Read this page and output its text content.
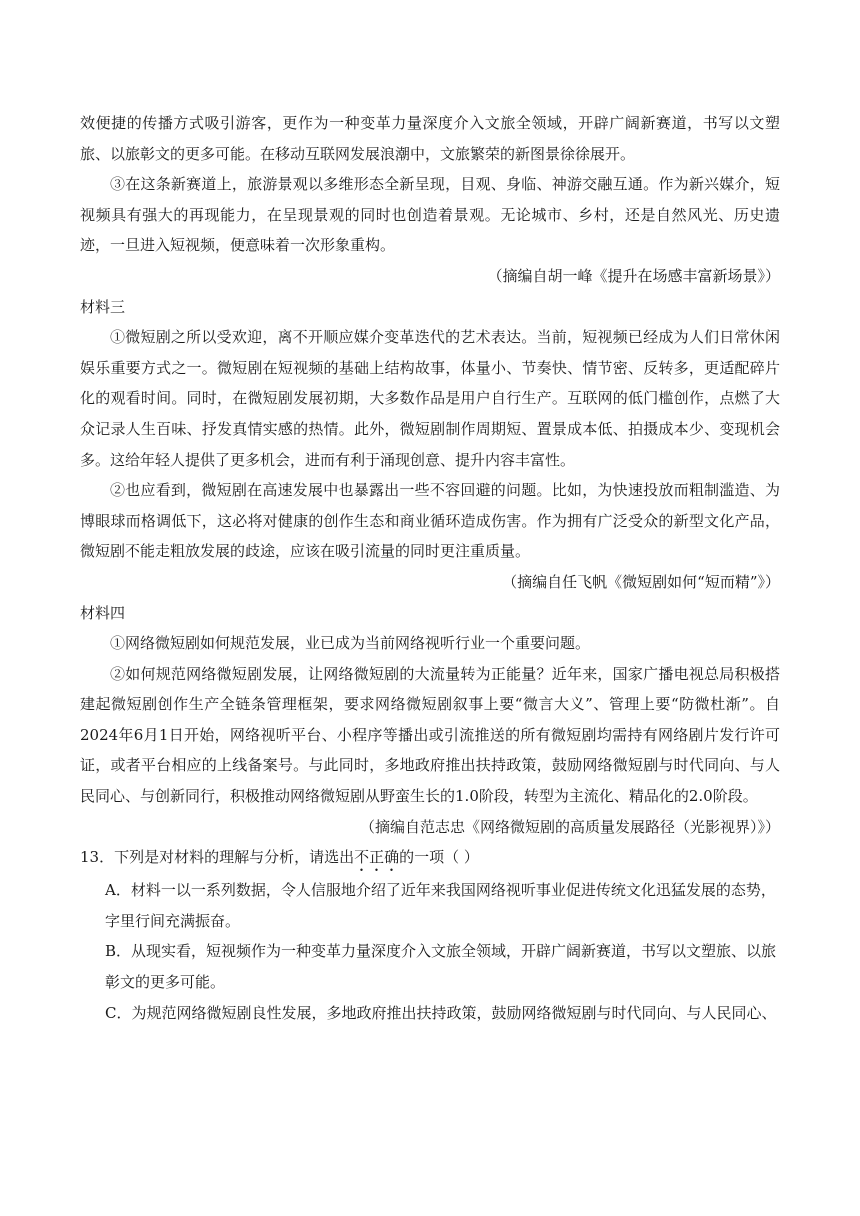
效便捷的传播方式吸引游客，更作为一种变革力量深度介入文旅全领域，开辟广阔新赛道，书写以文塑旅、以旅彰文的更多可能。在移动互联网发展浪潮中，文旅繁荣的新图景徐徐展开。

③在这条新赛道上，旅游景观以多维形态全新呈现，目观、身临、神游交融互通。作为新兴媒介，短视频具有强大的再现能力，在呈现景观的同时也创造着景观。无论城市、乡村，还是自然风光、历史遗迹，一旦进入短视频，便意味着一次形象重构。

（摘编自胡一峰《提升在场感丰富新场景》）

材料三

①微短剧之所以受欢迎，离不开顺应媒介变革迭代的艺术表达。当前，短视频已经成为人们日常休闲娱乐重要方式之一。微短剧在短视频的基础上结构故事，体量小、节奏快、情节密、反转多，更适配碎片化的观看时间。同时，在微短剧发展初期，大多数作品是用户自行生产。互联网的低门槛创作，点燃了大众记录人生百味、抒发真情实感的热情。此外，微短剧制作周期短、置景成本低、拍摄成本少、变现机会多。这给年轻人提供了更多机会，进而有利于涌现创意、提升内容丰富性。

②也应看到，微短剧在高速发展中也暴露出一些不容回避的问题。比如，为快速投放而粗制滥造、为博眼球而格调低下，这必将对健康的创作生态和商业循环造成伤害。作为拥有广泛受众的新型文化产品，微短剧不能走粗放发展的歧途，应该在吸引流量的同时更注重质量。

（摘编自任飞帆《微短剧如何“短而精”》）

材料四

①网络微短剧如何规范发展，业已成为当前网络视听行业一个重要问题。

②如何规范网络微短剧发展，让网络微短剧的大流量转为正能量？近年来，国家广播电视总局积极搭建起微短剧创作生产全链条管理框架，要求网络微短剧叙事上要“微言大义”、管理上要“防微杜渐”。自2024年6月1日开始，网络视听平台、小程序等播出或引流推送的所有微短剧均需持有网络剧片发行许可证，或者平台相应的上线备案号。与此同时，多地政府推出扶持政策，鼓励网络微短剧与时代同向、与人民同心、与创新同行，积极推动网络微短剧从野蛮生长的1.0阶段，转型为主流化、精品化的2.0阶段。

（摘编自范志忠《网络微短剧的高质量发展路径（光影视界）》）

13．下列是对材料的理解与分析，请选出不正确的一项（ ）

A．材料一以一系列数据，令人信服地介绍了近年来我国网络视听事业促进传统文化迅猛发展的态势，字里行间充满振奋。

B．从现实看，短视频作为一种变革力量深度介入文旅全领域，开辟广阔新赛道，书写以文塑旅、以旅彰文的更多可能。

C．为规范网络微短剧良性发展，多地政府推出扶持政策，鼓励网络微短剧与时代同向、与人民同心、
